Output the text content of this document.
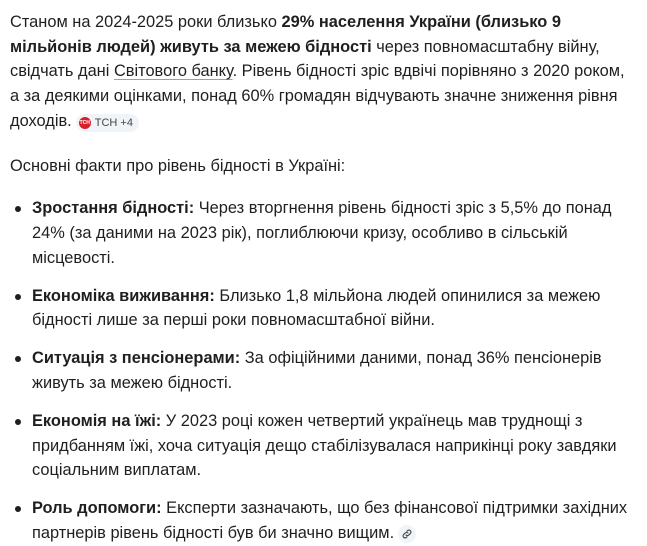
Станом на 2024-2025 роки близько 29% населення України (близько 9 мільйонів людей) живуть за межею бідності через повномасштабну війну, свідчать дані Світового банку. Рівень бідності зріс вдвічі порівняно з 2020 роком, а за деякими оцінками, понад 60% громадян відчувають значне зниження рівня доходів. ТСН ТСН +4

Основні факти про рівень бідності в Україні:

Зростання бідності: Через вторгнення рівень бідності зріс з 5,5% до понад 24% (за даними на 2023 рік), поглиблюючи кризу, особливо в сільській місцевості.
Економіка виживання: Близько 1,8 мільйона людей опинилися за межею бідності лише за перші роки повномасштабної війни.
Ситуація з пенсіонерами: За офіційними даними, понад 36% пенсіонерів живуть за межею бідності.
Економія на їжі: У 2023 році кожен четвертий українець мав труднощі з придбанням їжі, хоча ситуація дещо стабілізувалася наприкінці року завдяки соціальним виплатам.
Роль допомоги: Експерти зазначають, що без фінансової підтримки західних партнерів рівень бідності був би значно вищим.
